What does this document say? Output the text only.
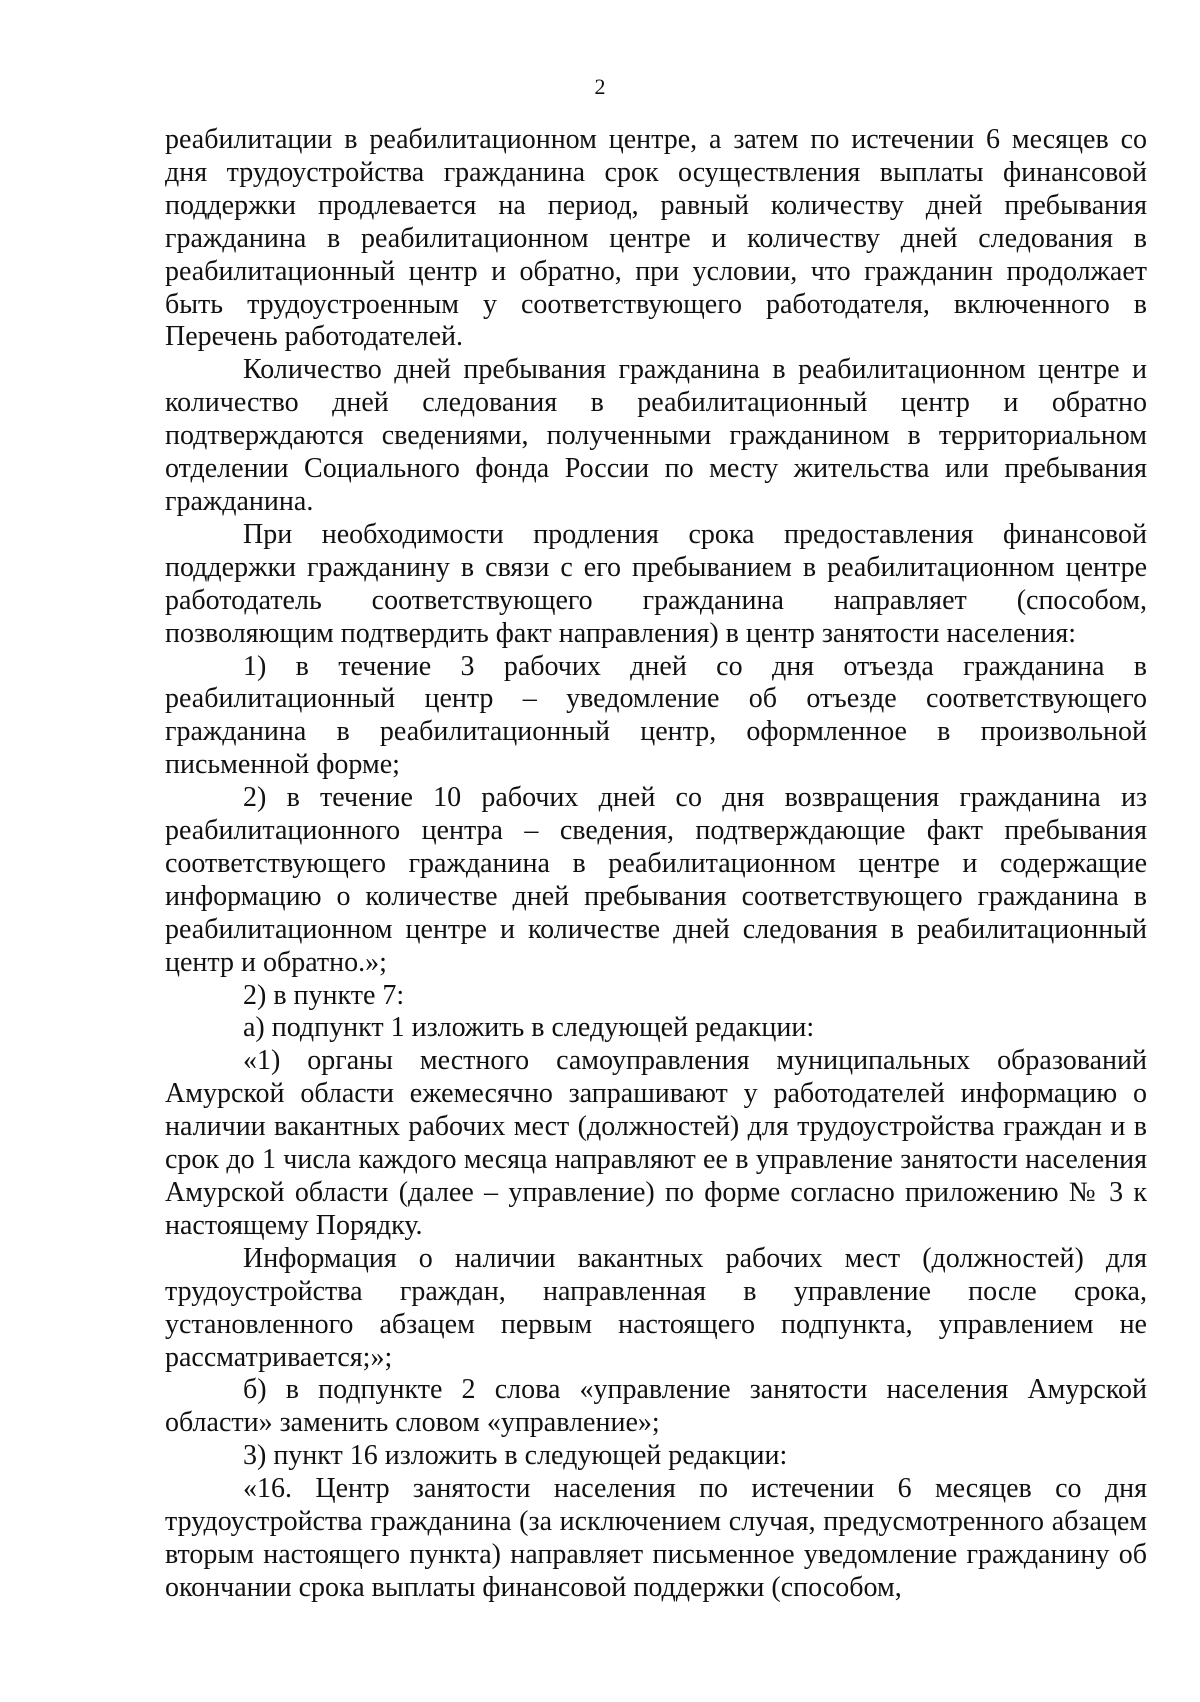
2

реабилитации в реабилитационном центре, а затем по истечении 6 месяцев со дня трудоустройства гражданина срок осуществления выплаты финансовой поддержки продлевается на период, равный количеству дней пребывания гражданина в реабилитационном центре и количеству дней следования в реабилитационный центр и обратно, при условии, что гражданин продолжает быть трудоустроенным у соответствующего работодателя, включенного в Перечень работодателей.

Количество дней пребывания гражданина в реабилитационном центре и количество дней следования в реабилитационный центр и обратно подтверждаются сведениями, полученными гражданином в территориальном отделении Социального фонда России по месту жительства или пребывания гражданина.

При необходимости продления срока предоставления финансовой поддержки гражданину в связи с его пребыванием в реабилитационном центре работодатель соответствующего гражданина направляет (способом, позволяющим подтвердить факт направления) в центр занятости населения:

1) в течение 3 рабочих дней со дня отъезда гражданина в реабилитационный центр – уведомление об отъезде соответствующего гражданина в реабилитационный центр, оформленное в произвольной письменной форме;

2) в течение 10 рабочих дней со дня возвращения гражданина из реабилитационного центра – сведения, подтверждающие факт пребывания соответствующего гражданина в реабилитационном центре и содержащие информацию о количестве дней пребывания соответствующего гражданина в реабилитационном центре и количестве дней следования в реабилитационный центр и обратно.»;

2) в пункте 7:

а) подпункт 1 изложить в следующей редакции:

«1) органы местного самоуправления муниципальных образований Амурской области ежемесячно запрашивают у работодателей информацию о наличии вакантных рабочих мест (должностей) для трудоустройства граждан и в срок до 1 числа каждого месяца направляют ее в управление занятости населения Амурской области (далее – управление) по форме согласно приложению № 3 к настоящему Порядку.

Информация о наличии вакантных рабочих мест (должностей) для трудоустройства граждан, направленная в управление после срока, установленного абзацем первым настоящего подпункта, управлением не рассматривается;»;

б) в подпункте 2 слова «управление занятости населения Амурской области» заменить словом «управление»;

3) пункт 16 изложить в следующей редакции:

«16. Центр занятости населения по истечении 6 месяцев со дня трудоустройства гражданина (за исключением случая, предусмотренного абзацем вторым настоящего пункта) направляет письменное уведомление гражданину об окончании срока выплаты финансовой поддержки (способом,
